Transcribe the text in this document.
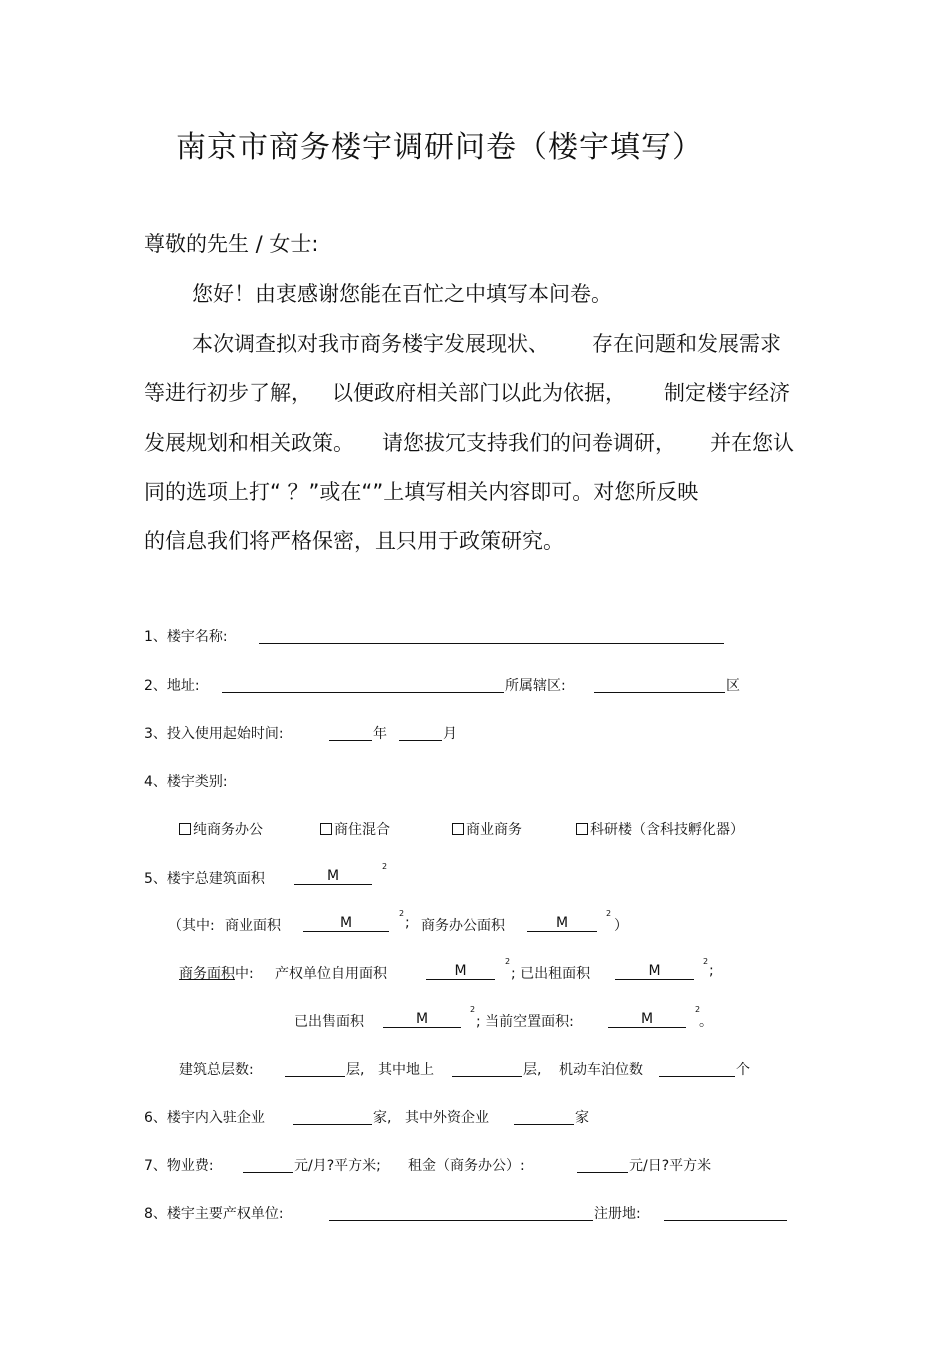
南京市商务楼宇调研问卷（楼宇填写）
尊敬的先生 / 女士:
您好！由衷感谢您能在百忙之中填写本问卷。
本次调查拟对我市商务楼宇发展现状、 存在问题和发展需求
等进行初步了解， 以便政府相关部门以此为依据， 制定楼宇经济
发展规划和相关政策。 请您拔冗支持我们的问卷调研， 并在您认
同的选项上打“ ？”或在“”上填写相关内容即可。对您所反映
的信息我们将严格保密，且只用于政策研究。
1、楼宇名称:
2、地址:	所属辖区:	区
3、投入使用起始时间:	年	月
4、楼宇类别:
纯商务办公	商住混合	商业商务	科研楼（含科技孵化器）
5、楼宇总建筑面积	M
2
（其中: 商业面积	M
2
; 商务办公面积	M
2
）
商务面积中: 产权单位自用面积	M
2
; 已出租面积	M
2
;
已出售面积	M
2
; 当前空置面积:	M
2
。
建筑总层数:	层, 其中地上	层, 机动车泊位数	个
6、楼宇内入驻企业	家, 其中外资企业	家
7、物业费:	元/月?平方米; 租金（商务办公）:	元/日?平方米
8、楼宇主要产权单位:	注册地:
